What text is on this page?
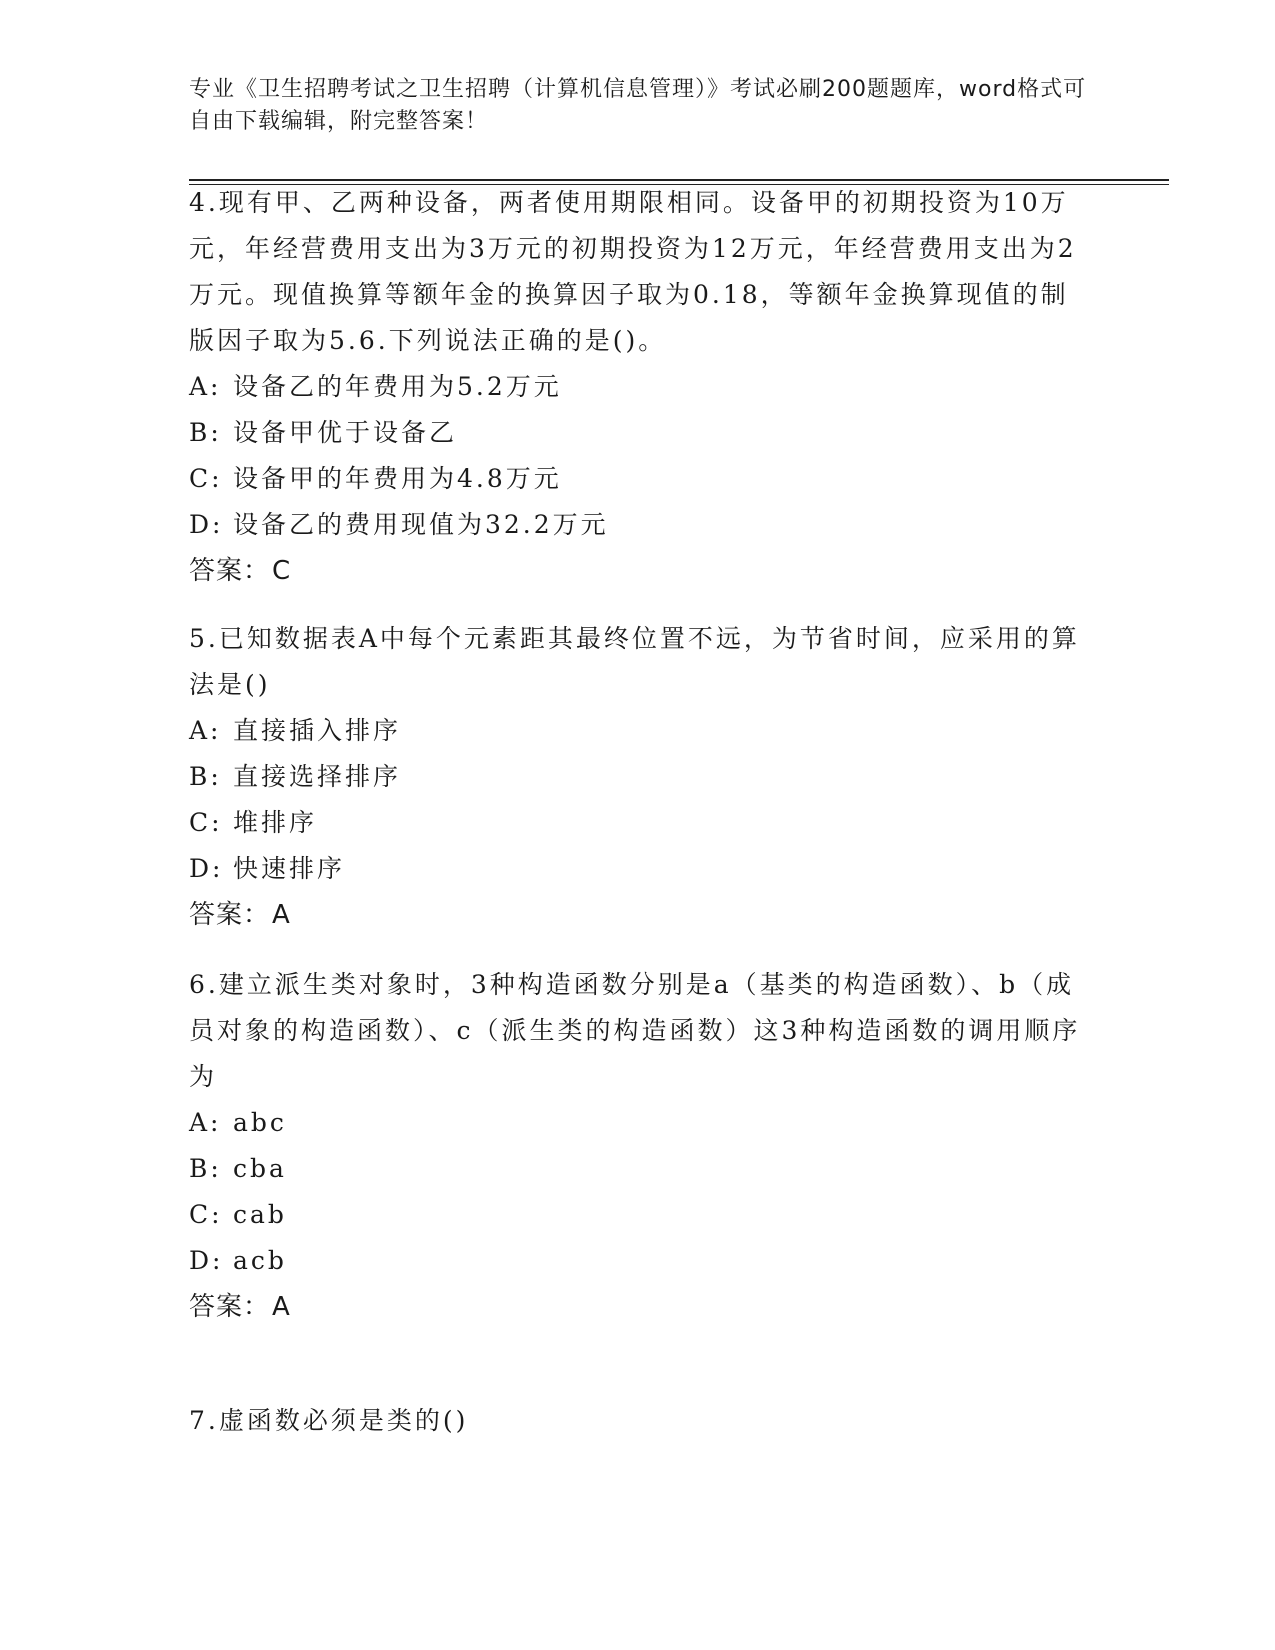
专业《卫生招聘考试之卫生招聘（计算机信息管理）》考试必刷200题题库，word格式可自由下载编辑，附完整答案！
4.现有甲、乙两种设备，两者使用期限相同。设备甲的初期投资为10万元，年经营费用支出为3万元的初期投资为12万元，年经营费用支出为2万元。现值换算等额年金的换算因子取为0.18，等额年金换算现值的制版因子取为5.6.下列说法正确的是()。
A: 设备乙的年费用为5.2万元
B: 设备甲优于设备乙
C: 设备甲的年费用为4.8万元
D: 设备乙的费用现值为32.2万元
答案：C
5.已知数据表A中每个元素距其最终位置不远，为节省时间，应采用的算法是()
A: 直接插入排序
B: 直接选择排序
C: 堆排序
D: 快速排序
答案：A
6.建立派生类对象时，3种构造函数分别是a（基类的构造函数）、b（成员对象的构造函数）、c（派生类的构造函数）这3种构造函数的调用顺序为
A: abc
B: cba
C: cab
D: acb
答案：A
7.虚函数必须是类的()
